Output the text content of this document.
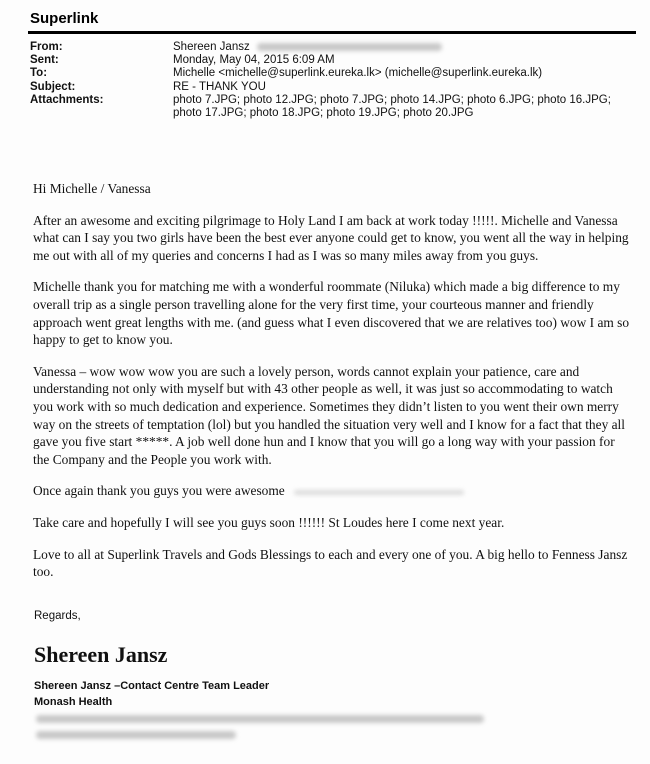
Superlink
From:	Shereen Jansz
Sent:	Monday, May 04, 2015 6:09 AM
To:	Michelle <michelle@superlink.eureka.lk> (michelle@superlink.eureka.lk)
Subject:	RE - THANK YOU
Attachments:	photo 7.JPG; photo 12.JPG; photo 7.JPG; photo 14.JPG; photo 6.JPG; photo 16.JPG;
photo 17.JPG; photo 18.JPG; photo 19.JPG; photo 20.JPG

Hi Michelle / Vanessa

After an awesome and exciting pilgrimage to Holy Land I am back at work today !!!!!. Michelle and Vanessa what can I say you two girls have been the best ever anyone could get to know, you went all the way in helping me out with all of my queries and concerns I had as I was so many miles away from you guys.

Michelle thank you for matching me with a wonderful roommate (Niluka) which made a big difference to my overall trip as a single person travelling alone for the very first time, your courteous manner and friendly approach went great lengths with me. (and guess what I even discovered that we are relatives too) wow I am so happy to get to know you.

Vanessa – wow wow wow you are such a lovely person, words cannot explain your patience, care and understanding not only with myself but with 43 other people as well, it was just so accommodating to watch you work with so much dedication and experience. Sometimes they didn’t listen to you went their own merry way on the streets of temptation (lol) but you handled the situation very well and I know for a fact that they all gave you five start *****. A job well done hun and I know that you will go a long way with your passion for the Company and the People you work with.

Once again thank you guys you were awesome

Take care and hopefully I will see you guys soon !!!!!! St Loudes here I come next year.

Love to all at Superlink Travels and Gods Blessings to each and every one of you. A big hello to Fenness Jansz too.

Regards,
Shereen Jansz
Shereen Jansz –Contact Centre Team Leader
Monash Health
